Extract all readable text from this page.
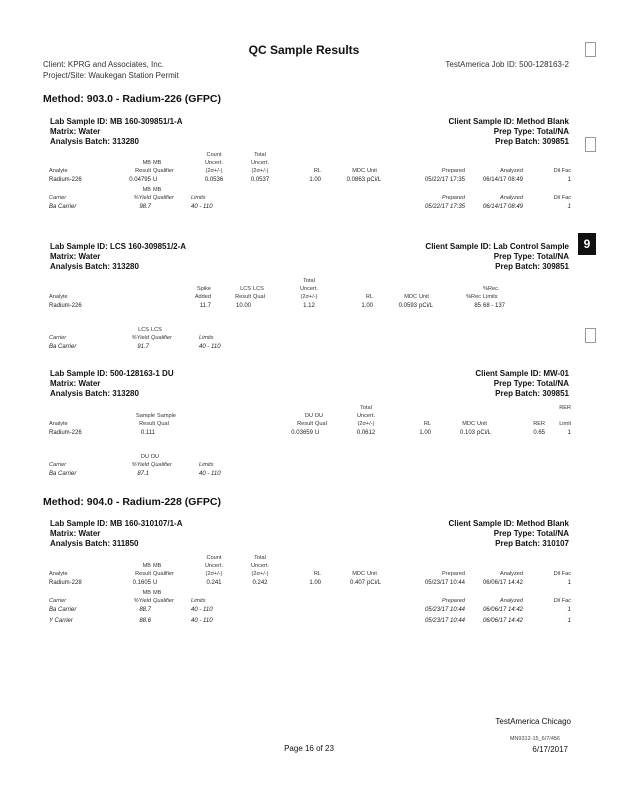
QC Sample Results
Client: KPRG and Associates, Inc.	TestAmerica Job ID: 500-128163-2
Project/Site: Waukegan Station Permit
9
Method: 903.0 - Radium-226 (GFPC)
Lab Sample ID: MB 160-309851/1-A
Matrix: Water
Analysis Batch: 313280
Client Sample ID: Method Blank
Prep Type: Total/NA
Prep Batch: 309851
			Count	Total						
	MB	MB	Uncert.	Uncert.						
Analyte	Result	Qualifier	(2σ+/-)	(2σ+/-)	RL	MDC	Unit	Prepared	Analyzed	Dil Fac
Radium-226	0.04795	U	0.0536	0.0537	1.00	0.0863	pCi/L	05/22/17 17:35	06/14/17 08:49	1
	MB	MB								
Carrier	%Yield	Qualifier	Limits					Prepared	Analyzed	Dil Fac
Ba Carrier	98.7		40 - 110					05/22/17 17:35	06/14/17 08:49	1
Lab Sample ID: LCS 160-309851/2-A
Matrix: Water
Analysis Batch: 313280
Client Sample ID: Lab Control Sample
Prep Type: Total/NA
Prep Batch: 309851
				Total					
	Spike	LCS	LCS	Uncert.					%Rec.
Analyte	Added	Result	Qual	(2σ+/-)	RL	MDC	Unit	%Rec	Limits
Radium-226	11.7	10.00		1.12	1.00	0.0593	pCi/L	85	68 - 137
	LCS	LCS	
Carrier	%Yield	Qualifier	Limits
Ba Carrier	91.7		40 - 110
Lab Sample ID: 500-128163-1 DU
Matrix: Water
Analysis Batch: 313280
Client Sample ID: MW-01
Prep Type: Total/NA
Prep Batch: 309851
					Total					RER
	Sample	Sample	DU	DU	Uncert.					
Analyte	Result	Qual	Result	Qual	(2σ+/-)	RL	MDC	Unit	RER	Limit
Radium-226	0.111		0.03659	U	0.0612	1.00	0.103	pCi/L	0.65	1
	DU	DU	
Carrier	%Yield	Qualifier	Limits
Ba Carrier	87.1		40 - 110
Method: 904.0 - Radium-228 (GFPC)
Lab Sample ID: MB 160-310107/1-A
Matrix: Water
Analysis Batch: 311850
Client Sample ID: Method Blank
Prep Type: Total/NA
Prep Batch: 310107
			Count	Total						
	MB	MB	Uncert.	Uncert.						
Analyte	Result	Qualifier	(2σ+/-)	(2σ+/-)	RL	MDC	Unit	Prepared	Analyzed	Dil Fac
Radium-228	0.1605	U	0.241	0.242	1.00	0.407	pCi/L	05/23/17 10:44	06/06/17 14:42	1
	MB	MB								
Carrier	%Yield	Qualifier	Limits					Prepared	Analyzed	Dil Fac
Ba Carrier	88.7		40 - 110					05/23/17 10:44	06/06/17 14:42	1
Y Carrier	88.6		40 - 110					05/23/17 10:44	06/06/17 14:42	1
TestAmerica Chicago
MN9312-15_6/7/456
Page 16 of 23	6/17/2017
